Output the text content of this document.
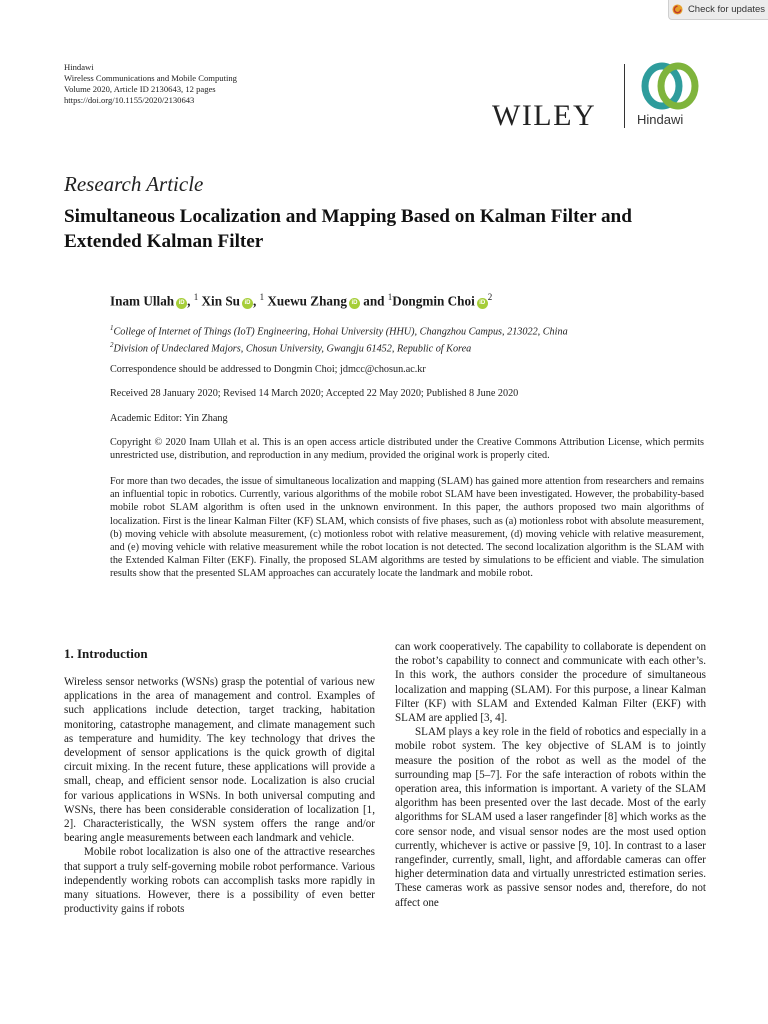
Check for updates
Hindawi
Wireless Communications and Mobile Computing
Volume 2020, Article ID 2130643, 12 pages
https://doi.org/10.1155/2020/2130643	WILEY	Hindawi
Research Article
Simultaneous Localization and Mapping Based on Kalman Filter and Extended Kalman Filter
Inam Ullah iD , $^1$ Xin Su iD , $^1$ Xuewu Zhang iD and $^1$Dongmin Choi $iD^2$
$^1$College of Internet of Things (IoT) Engineering, Hohai University (HHU), Changzhou Campus, 213022, China
$^2$Division of Undeclared Majors, Chosun University, Gwangju 61452, Republic of Korea
Correspondence should be addressed to Dongmin Choi; jdmcc@chosun.ac.kr
Received 28 January 2020; Revised 14 March 2020; Accepted 22 May 2020; Published 8 June 2020
Academic Editor: Yin Zhang
Copyright © 2020 Inam Ullah et al. This is an open access article distributed under the Creative Commons Attribution License, which permits unrestricted use, distribution, and reproduction in any medium, provided the original work is properly cited.
For more than two decades, the issue of simultaneous localization and mapping (SLAM) has gained more attention from researchers and remains an influential topic in robotics. Currently, various algorithms of the mobile robot SLAM have been investigated. However, the probability-based mobile robot SLAM algorithm is often used in the unknown environment. In this paper, the authors proposed two main algorithms of localization. First is the linear Kalman Filter (KF) SLAM, which consists of five phases, such as (a) motionless robot with absolute measurement, (b) moving vehicle with absolute measurement, (c) motionless robot with relative measurement, (d) moving vehicle with relative measurement, and (e) moving vehicle with relative measurement while the robot location is not detected. The second localization algorithm is the SLAM with the Extended Kalman Filter (EKF). Finally, the proposed SLAM algorithms are tested by simulations to be efficient and viable. The simulation results show that the presented SLAM approaches can accurately locate the landmark and mobile robot.
1. Introduction

Wireless sensor networks (WSNs) grasp the potential of various new applications in the area of management and control. Examples of such applications include detection, target tracking, habitation monitoring, catastrophe management, and climate management such as temperature and humidity. The key technology that drives the development of sensor applications is the quick growth of digital circuit mixing. In the recent future, these applications will provide a small, cheap, and efficient sensor node. Localization is also crucial for various applications in WSNs. In both universal computing and WSNs, there has been considerable consideration of localization [1, 2]. Characteristically, the WSN system offers the range and/or bearing angle measurements between each landmark and vehicle.

Mobile robot localization is also one of the attractive researches that support a truly self-governing mobile robot performance. Various independently working robots can accomplish tasks more rapidly in many situations. However, there is a possibility of even better productivity gains if robots

can work cooperatively. The capability to collaborate is dependent on the robot’s capability to connect and communicate with each other’s. In this work, the authors consider the procedure of simultaneous localization and mapping (SLAM). For this purpose, a linear Kalman Filter (KF) with SLAM and Extended Kalman Filter (EKF) with SLAM are applied [3, 4].

SLAM plays a key role in the field of robotics and especially in a mobile robot system. The key objective of SLAM is to jointly measure the position of the robot as well as the model of the surrounding map [5–7]. For the safe interaction of robots within the operation area, this information is important. A variety of the SLAM algorithm has been presented over the last decade. Most of the early algorithms for SLAM used a laser rangefinder [8] which works as the core sensor node, and visual sensor nodes are the most used option currently, whichever is active or passive [9, 10]. In contrast to a laser rangefinder, currently, small, light, and affordable cameras can offer higher determination data and virtually unrestricted estimation series. These cameras work as passive sensor nodes and, therefore, do not affect one
